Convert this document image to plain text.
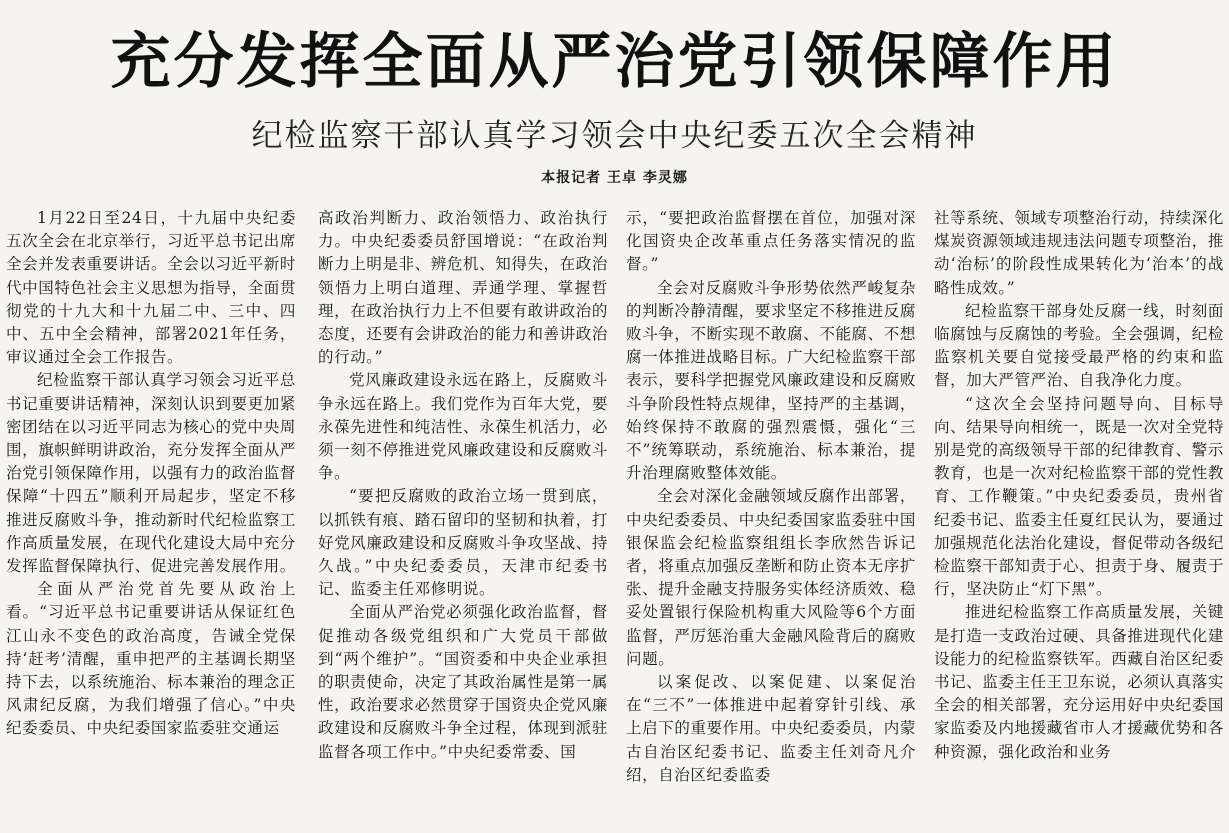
充分发挥全面从严治党引领保障作用
纪检监察干部认真学习领会中央纪委五次全会精神
本报记者 王卓 李灵娜

1月22日至24日，十九届中央纪委五次全会在北京举行，习近平总书记出席全会并发表重要讲话。全会以习近平新时代中国特色社会主义思想为指导，全面贯彻党的十九大和十九届二中、三中、四中、五中全会精神，部署2021年任务，审议通过全会工作报告。

纪检监察干部认真学习领会习近平总书记重要讲话精神，深刻认识到要更加紧密团结在以习近平同志为核心的党中央周围，旗帜鲜明讲政治，充分发挥全面从严治党引领保障作用，以强有力的政治监督保障“十四五”顺利开局起步，坚定不移推进反腐败斗争，推动新时代纪检监察工作高质量发展，在现代化建设大局中充分发挥监督保障执行、促进完善发展作用。

全面从严治党首先要从政治上看。“习近平总书记重要讲话从保证红色江山永不变色的政治高度，告诫全党保持‘赶考’清醒，重申把严的主基调长期坚持下去，以系统施治、标本兼治的理念正风肃纪反腐，为我们增强了信心。”中央纪委委员、中央纪委国家监委驻交通运

高政治判断力、政治领悟力、政治执行力。中央纪委委员舒国增说：“在政治判断力上明是非、辨危机、知得失，在政治领悟力上明白道理、弄通学理、掌握哲理，在政治执行力上不但要有敢讲政治的态度，还要有会讲政治的能力和善讲政治的行动。”

党风廉政建设永远在路上，反腐败斗争永远在路上。我们党作为百年大党，要永葆先进性和纯洁性、永葆生机活力，必须一刻不停推进党风廉政建设和反腐败斗争。

“要把反腐败的政治立场一贯到底，以抓铁有痕、踏石留印的坚韧和执着，打好党风廉政建设和反腐败斗争攻坚战、持久战。”中央纪委委员，天津市纪委书记、监委主任邓修明说。

全面从严治党必须强化政治监督，督促推动各级党组织和广大党员干部做到“两个维护”。“国资委和中央企业承担的职责使命，决定了其政治属性是第一属性，政治要求必然贯穿于国资央企党风廉政建设和反腐败斗争全过程，体现到派驻监督各项工作中。”中央纪委常委、国

示，“要把政治监督摆在首位，加强对深化国资央企改革重点任务落实情况的监督。”

全会对反腐败斗争形势依然严峻复杂的判断冷静清醒，要求坚定不移推进反腐败斗争，不断实现不敢腐、不能腐、不想腐一体推进战略目标。广大纪检监察干部表示，要科学把握党风廉政建设和反腐败斗争阶段性特点规律，坚持严的主基调，始终保持不敢腐的强烈震慑，强化“三不”统筹联动，系统施治、标本兼治，提升治理腐败整体效能。

全会对深化金融领域反腐作出部署，中央纪委委员、中央纪委国家监委驻中国银保监会纪检监察组组长李欣然告诉记者，将重点加强反垄断和防止资本无序扩张、提升金融支持服务实体经济质效、稳妥处置银行保险机构重大风险等6个方面监督，严厉惩治重大金融风险背后的腐败问题。

以案促改、以案促建、以案促治在“三不”一体推进中起着穿针引线、承上启下的重要作用。中央纪委委员，内蒙古自治区纪委书记、监委主任刘奇凡介绍，自治区纪委监委

社等系统、领域专项整治行动，持续深化煤炭资源领域违规违法问题专项整治，推动‘治标’的阶段性成果转化为‘治本’的战略性成效。”

纪检监察干部身处反腐一线，时刻面临腐蚀与反腐蚀的考验。全会强调，纪检监察机关要自觉接受最严格的约束和监督，加大严管严治、自我净化力度。

“这次全会坚持问题导向、目标导向、结果导向相统一，既是一次对全党特别是党的高级领导干部的纪律教育、警示教育，也是一次对纪检监察干部的党性教育、工作鞭策。”中央纪委委员，贵州省纪委书记、监委主任夏红民认为，要通过加强规范化法治化建设，督促带动各级纪检监察干部知责于心、担责于身、履责于行，坚决防止“灯下黑”。

推进纪检监察工作高质量发展，关键是打造一支政治过硬、具备推进现代化建设能力的纪检监察铁军。西藏自治区纪委书记、监委主任王卫东说，必须认真落实全会的相关部署，充分运用好中央纪委国家监委及内地援藏省市人才援藏优势和各种资源，强化政治和业务
